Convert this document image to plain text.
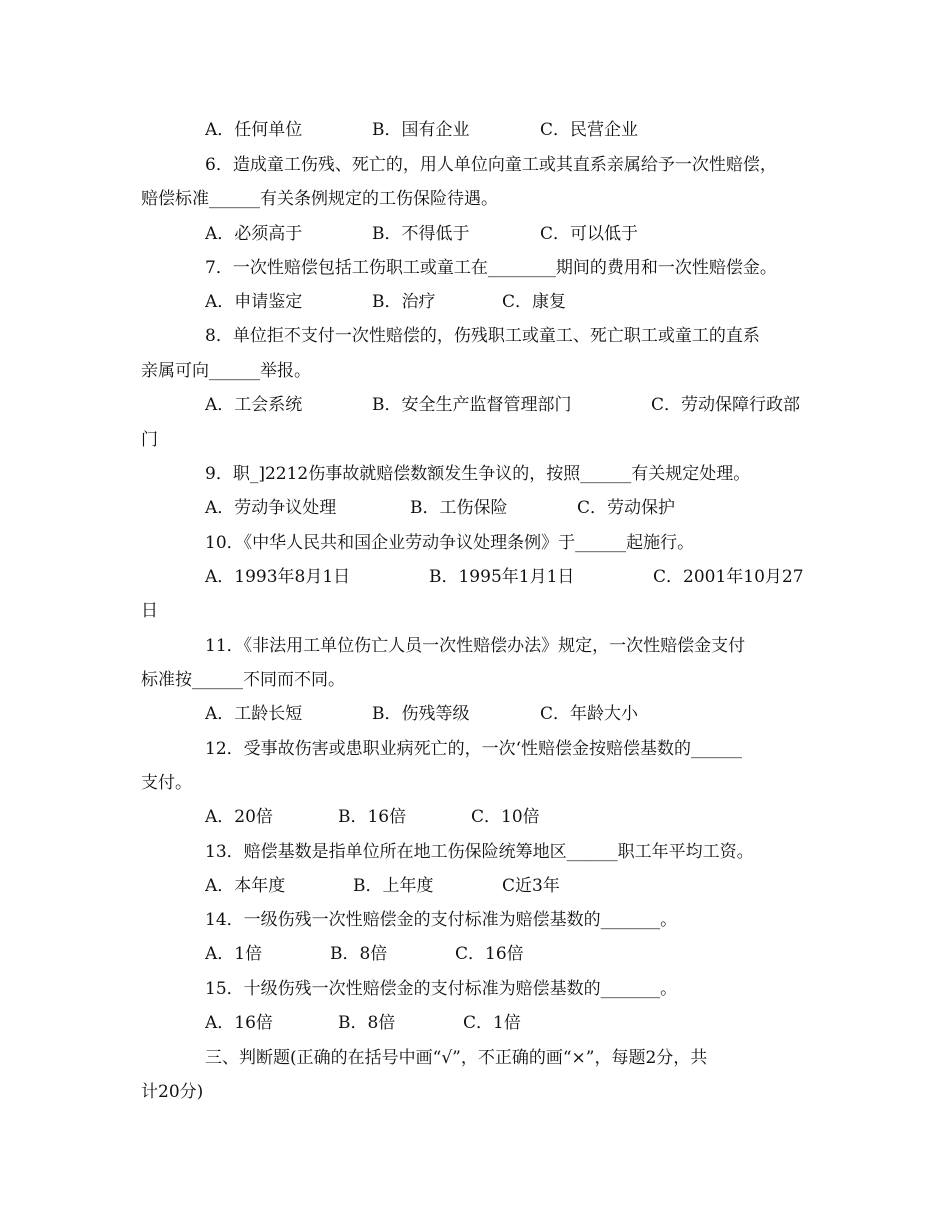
A．任何单位	B．国有企业	C．民营企业
6．造成童工伤残、死亡的，用人单位向童工或其直系亲属给予一次性赔偿，
赔偿标准______有关条例规定的工伤保险待遇。
A．必须高于	B．不得低于	C．可以低于
7．一次性赔偿包括工伤职工或童工在________期间的费用和一次性赔偿金。
A．申请鉴定	B．治疗	C．康复
8．单位拒不支付一次性赔偿的，伤残职工或童工、死亡职工或童工的直系
亲属可向______举报。
A．工会系统	B．安全生产监督管理部门	C．劳动保障行政部
门
9．职_]2212伤事故就赔偿数额发生争议的，按照______有关规定处理。
A．劳动争议处理	B．工伤保险	C．劳动保护
10．《中华人民共和国企业劳动争议处理条例》于______起施行。
A．1993年8月1日	B．1995年1月1日	C．2001年10月27
日
11．《非法用工单位伤亡人员一次性赔偿办法》规定，一次性赔偿金支付
标准按______不同而不同。
A．工龄长短	B．伤残等级	C．年龄大小
12．受事故伤害或患职业病死亡的，一次‘性赔偿金按赔偿基数的______
支付。
A．20倍	B．16倍	C．10倍
13．赔偿基数是指单位所在地工伤保险统筹地区______职工年平均工资。
A．本年度	B．上年度	C近3年
14．一级伤残一次性赔偿金的支付标准为赔偿基数的_______。
A．1倍	B．8倍	C．16倍
15．十级伤残一次性赔偿金的支付标准为赔偿基数的_______。
A．16倍	B．8倍	C．1倍
三、判断题(正确的在括号中画“√”，不正确的画“×”，每题2分，共
计20分)
